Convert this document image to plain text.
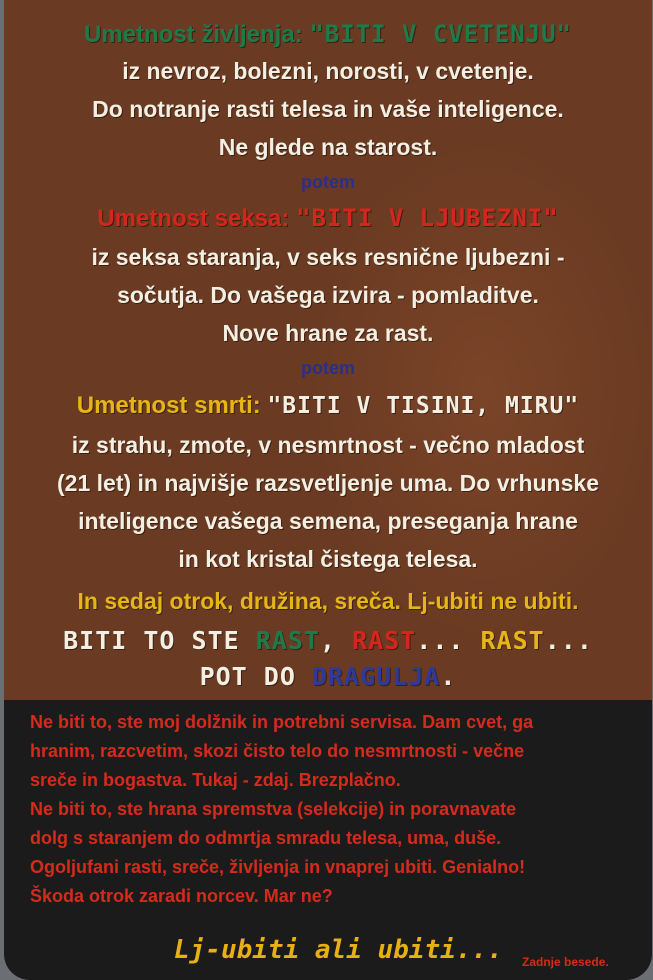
Umetnost življenja: "BITI V CVETENJU"
iz nevroz, bolezni, norosti, v cvetenje.
Do notranje rasti telesa in vaše inteligence.
Ne glede na starost.
potem
Umetnost seksa: "BITI V LJUBEZNI"
iz seksa staranja, v seks resnične ljubezni -
sočutja. Do vašega izvira - pomladitve.
Nove hrane za rast.
potem
Umetnost smrti: "BITI V TISINI, MIRU"
iz strahu, zmote, v nesmrtnost - večno mladost
(21 let) in najvišje razsvetljenje uma. Do vrhunske
inteligence vašega semena, preseganja hrane
in kot kristal čistega telesa.
In sedaj otrok, družina, sreča. Lj-ubiti ne ubiti.
BITI TO STE RAST, RAST... RAST...
POT DO DRAGULJA.
Ne biti to, ste moj dolžnik in potrebni servisa. Dam cvet, ga
hranim, razcvetim, skozi čisto telo do nesmrtnosti - večne
sreče in bogastva. Tukaj - zdaj. Brezplačno.
Ne biti to, ste hrana spremstva (selekcije) in poravnavate
dolg s staranjem do odmrtja smradu telesa, uma, duše.
Ogoljufani rasti, sreče, življenja in vnaprej ubiti. Genialno!
Škoda otrok zaradi norcev. Mar ne?
Lj-ubiti ali ubiti... Zadnje besede.
